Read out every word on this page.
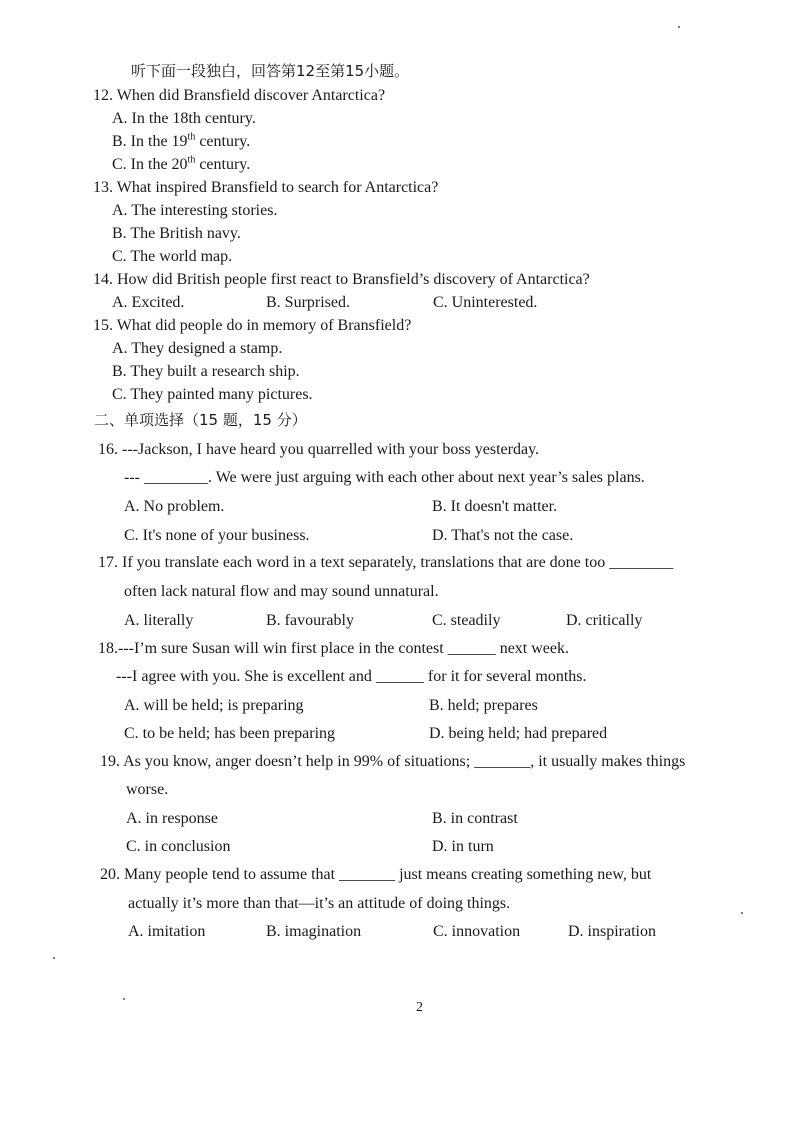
听下面一段独白，回答第12至第15小题。
12. When did Bransfield discover Antarctica?
A. In the 18th century.
B. In the 19th century.
C. In the 20th century.
13. What inspired Bransfield to search for Antarctica?
A. The interesting stories.
B. The British navy.
C. The world map.
14. How did British people first react to Bransfield’s discovery of Antarctica?
A. Excited.	B. Surprised.	C. Uninterested.
15. What did people do in memory of Bransfield?
A. They designed a stamp.
B. They built a research ship.
C. They painted many pictures.
二、单项选择（15 题，15 分）
16. ---Jackson, I have heard you quarrelled with your boss yesterday.
--- ________. We were just arguing with each other about next year’s sales plans.
A. No problem.	B. It doesn't matter.
C. It's none of your business.	D. That's not the case.
17. If you translate each word in a text separately, translations that are done too ________
often lack natural flow and may sound unnatural.
A. literally	B. favourably	C. steadily	D. critically
18.---I’m sure Susan will win first place in the contest ______ next week.
---I agree with you. She is excellent and ______ for it for several months.
A. will be held; is preparing	B. held; prepares
C. to be held; has been preparing	D. being held; had prepared
19. As you know, anger doesn’t help in 99% of situations; _______, it usually makes things
worse.
A. in response	B. in contrast
C. in conclusion	D. in turn
20. Many people tend to assume that _______ just means creating something new, but
actually it’s more than that—it’s an attitude of doing things.
A. imitation	B. imagination	C. innovation	D. inspiration
2
